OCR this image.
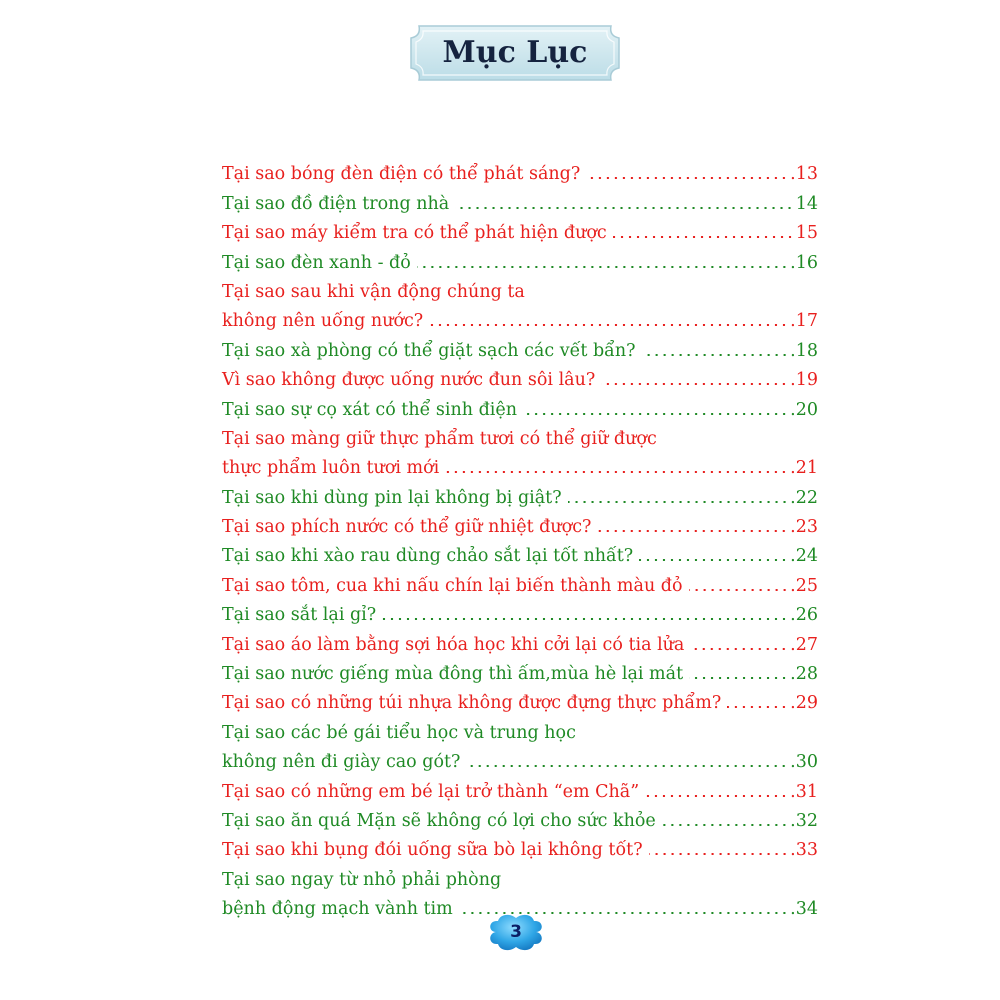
Mục Lục
Tại sao bóng đèn điện có thể phát sáng?	.13
Tại sao đồ điện trong nhà	14
Tại sao máy kiểm tra có thể phát hiện được	15
Tại sao đèn xanh - đỏ	.16
Tại sao sau khi vận động chúng ta
không nên uống nước?	.17
Tại sao xà phòng có thể giặt sạch các vết bẩn?	.18
Vì sao không được uống nước đun sôi lâu?	.19
Tại sao sự cọ xát có thể sinh điện	.20
Tại sao màng giữ thực phẩm tươi có thể giữ được
thực phẩm luôn tươi mới	.21
Tại sao khi dùng pin lại không bị giật?	.22
Tại sao phích nước có thể giữ nhiệt được?	.23
Tại sao khi xào rau dùng chảo sắt lại tốt nhất?	.24
Tại sao tôm, cua khi nấu chín lại biến thành màu đỏ	.25
Tại sao sắt lại gỉ?	.26
Tại sao áo làm bằng sợi hóa học khi cởi lại có tia lửa	.27
Tại sao nước giếng mùa đông thì ấm,mùa hè lại mát	.28
Tại sao có những túi nhựa không được đựng thực phẩm?	.29
Tại sao các bé gái tiểu học và trung học
không nên đi giày cao gót?	.30
Tại sao có những em bé lại trở thành “em Chã”	.31
Tại sao ăn quá Mặn sẽ không có lợi cho sức khỏe	.32
Tại sao khi bụng đói uống sữa bò lại không tốt?	.33
Tại sao ngay từ nhỏ phải phòng
bệnh động mạch vành tim	.34
3
